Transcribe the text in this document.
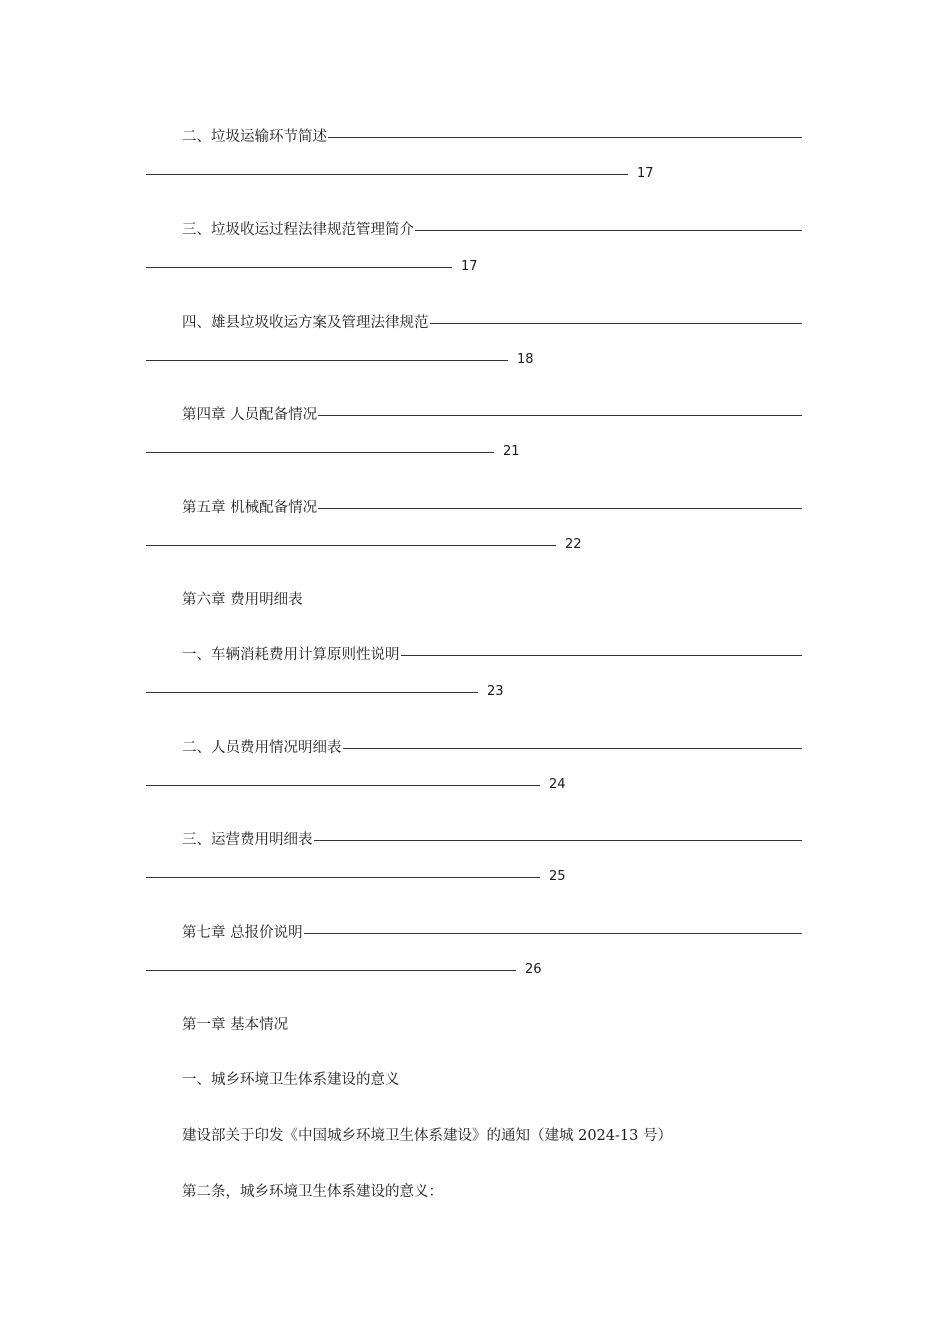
二、垃圾运输环节简述
17
三、垃圾收运过程法律规范管理简介
17
四、雄县垃圾收运方案及管理法律规范
18
第四章 人员配备情况
21
第五章 机械配备情况
22
第六章 费用明细表
一、车辆消耗费用计算原则性说明
23
二、人员费用情况明细表
24
三、运营费用明细表
25
第七章 总报价说明
26
第一章 基本情况
一、城乡环境卫生体系建设的意义
建设部关于印发《中国城乡环境卫生体系建设》的通知（建城 2024-13 号）
第二条，城乡环境卫生体系建设的意义：
